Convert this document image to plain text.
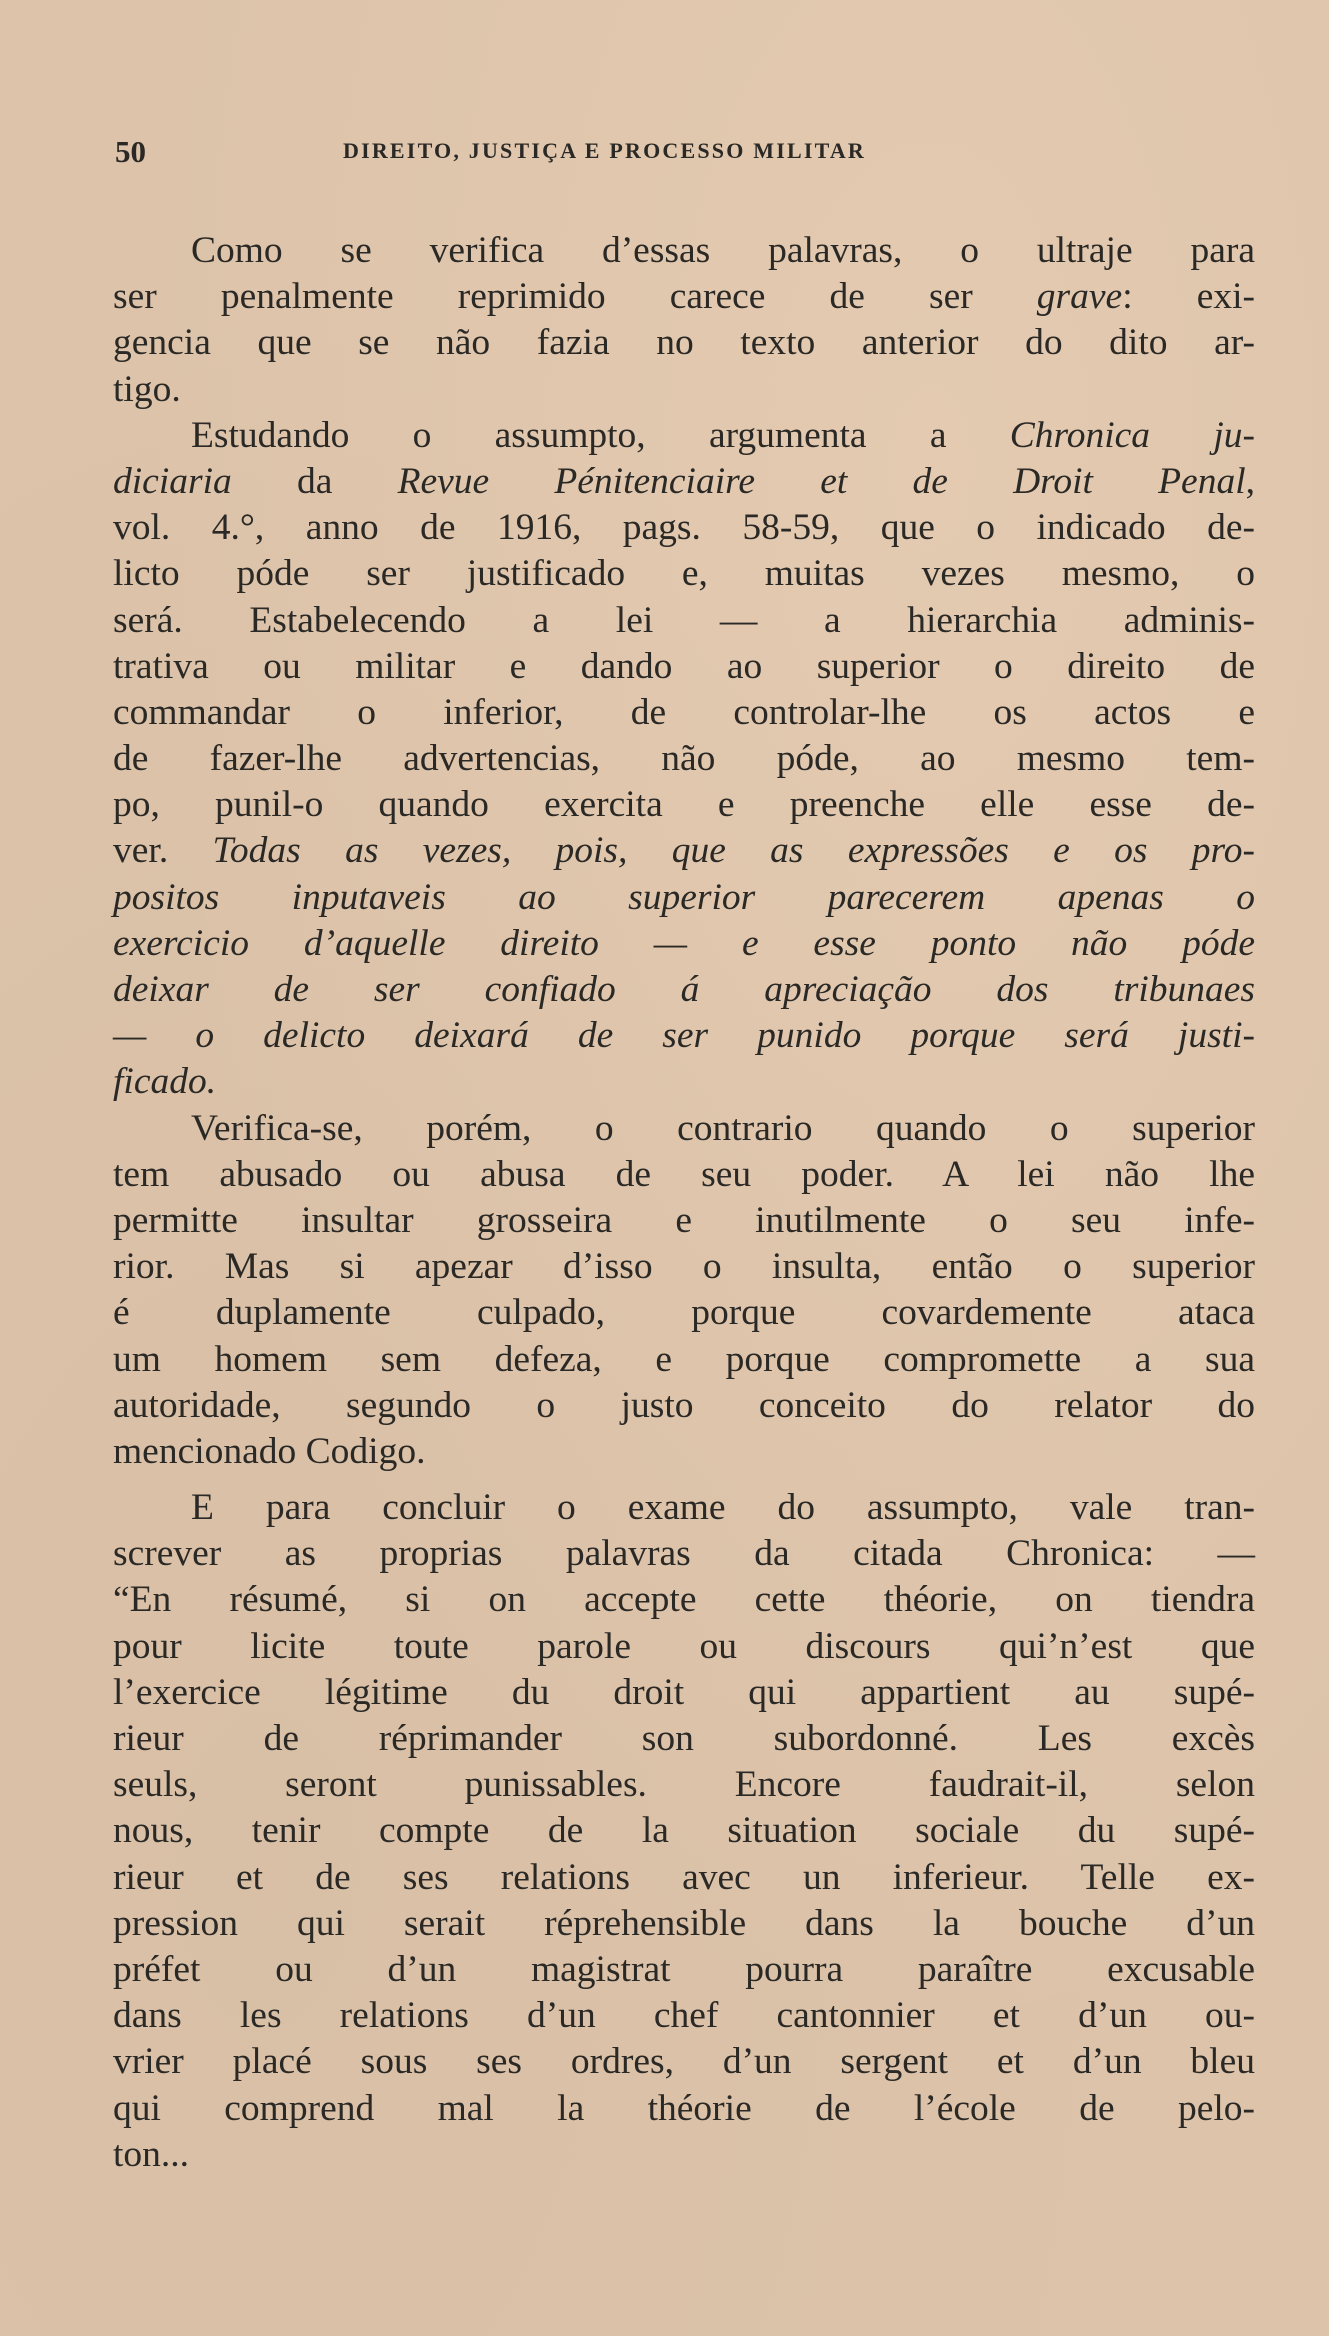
50	DIREITO, JUSTIÇA E PROCESSO MILITAR
Como se verifica d’essas palavras, o ultraje para
ser penalmente reprimido carece de ser grave: exi-
gencia que se não fazia no texto anterior do dito ar-
tigo.
Estudando o assumpto, argumenta a Chronica ju-
diciaria da Revue Pénitenciaire et de Droit Penal,
vol. 4.°, anno de 1916, pags. 58-59, que o indicado de-
licto póde ser justificado e, muitas vezes mesmo, o
será. Estabelecendo a lei — a hierarchia adminis-
trativa ou militar e dando ao superior o direito de
commandar o inferior, de controlar-lhe os actos e
de fazer-lhe advertencias, não póde, ao mesmo tem-
po, punil-o quando exercita e preenche elle esse de-
ver. Todas as vezes, pois, que as expressões e os pro-
positos inputaveis ao superior parecerem apenas o
exercicio d’aquelle direito — e esse ponto não póde
deixar de ser confiado á apreciação dos tribunaes
— o delicto deixará de ser punido porque será justi-
ficado.
Verifica-se, porém, o contrario quando o superior
tem abusado ou abusa de seu poder. A lei não lhe
permitte insultar grosseira e inutilmente o seu infe-
rior. Mas si apezar d’isso o insulta, então o superior
é duplamente culpado, porque covardemente ataca
um homem sem defeza, e porque compromette a sua
autoridade, segundo o justo conceito do relator do
mencionado Codigo.
E para concluir o exame do assumpto, vale tran-
screver as proprias palavras da citada Chronica: —
“En résumé, si on accepte cette théorie, on tiendra
pour licite toute parole ou discours qui’n’est que
l’exercice légitime du droit qui appartient au supé-
rieur de réprimander son subordonné. Les excès
seuls, seront punissables. Encore faudrait-il, selon
nous, tenir compte de la situation sociale du supé-
rieur et de ses relations avec un inferieur. Telle ex-
pression qui serait réprehensible dans la bouche d’un
préfet ou d’un magistrat pourra paraître excusable
dans les relations d’un chef cantonnier et d’un ou-
vrier placé sous ses ordres, d’un sergent et d’un bleu
qui comprend mal la théorie de l’école de pelo-
ton...
